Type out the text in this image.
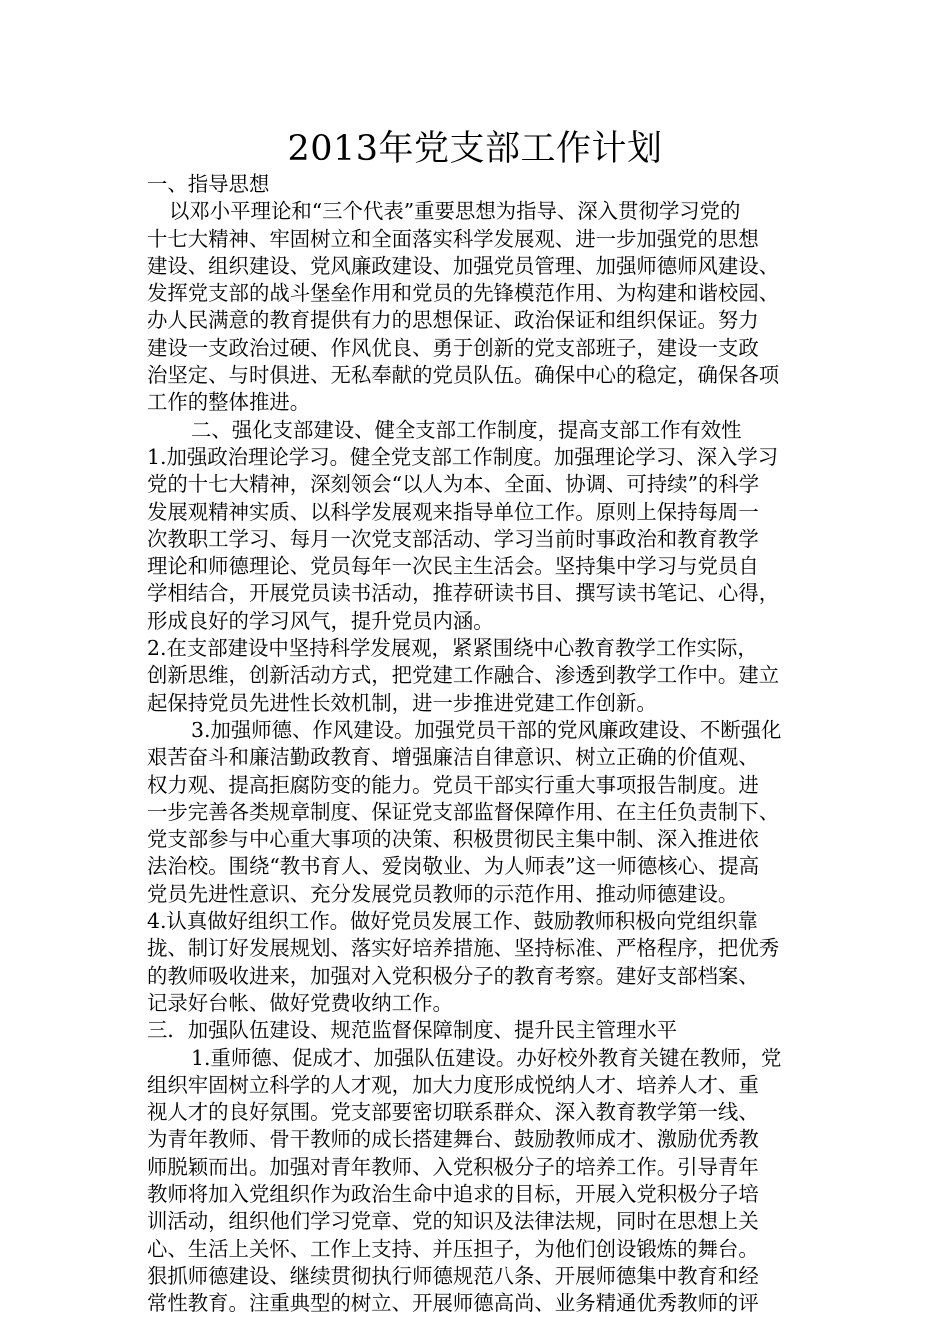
2013年党支部工作计划
一、指导思想
以邓小平理论和“三个代表”重要思想为指导、深入贯彻学习党的
十七大精神、牢固树立和全面落实科学发展观、进一步加强党的思想
建设、组织建设、党风廉政建设、加强党员管理、加强师德师风建设、
发挥党支部的战斗堡垒作用和党员的先锋模范作用、为构建和谐校园、
办人民满意的教育提供有力的思想保证、政治保证和组织保证。努力
建设一支政治过硬、作风优良、勇于创新的党支部班子，建设一支政
治坚定、与时俱进、无私奉献的党员队伍。确保中心的稳定，确保各项
工作的整体推进。
二、强化支部建设、健全支部工作制度，提高支部工作有效性
1.加强政治理论学习。健全党支部工作制度。加强理论学习、深入学习
党的十七大精神，深刻领会“以人为本、全面、协调、可持续”的科学
发展观精神实质、以科学发展观来指导单位工作。原则上保持每周一
次教职工学习、每月一次党支部活动、学习当前时事政治和教育教学
理论和师德理论、党员每年一次民主生活会。坚持集中学习与党员自
学相结合，开展党员读书活动，推荐研读书目、撰写读书笔记、心得，
形成良好的学习风气，提升党员内涵。
2.在支部建设中坚持科学发展观，紧紧围绕中心教育教学工作实际，
创新思维，创新活动方式，把党建工作融合、渗透到教学工作中。建立
起保持党员先进性长效机制，进一步推进党建工作创新。
3.加强师德、作风建设。加强党员干部的党风廉政建设、不断强化
艰苦奋斗和廉洁勤政教育、增强廉洁自律意识、树立正确的价值观、
权力观、提高拒腐防变的能力。党员干部实行重大事项报告制度。进
一步完善各类规章制度、保证党支部监督保障作用、在主任负责制下、
党支部参与中心重大事项的决策、积极贯彻民主集中制、深入推进依
法治校。围绕“教书育人、爱岗敬业、为人师表”这一师德核心、提高
党员先进性意识、充分发展党员教师的示范作用、推动师德建设。
4.认真做好组织工作。做好党员发展工作、鼓励教师积极向党组织靠
拢、制订好发展规划、落实好培养措施、坚持标准、严格程序，把优秀
的教师吸收进来，加强对入党积极分子的教育考察。建好支部档案、
记录好台帐、做好党费收纳工作。
三．加强队伍建设、规范监督保障制度、提升民主管理水平
1.重师德、促成才、加强队伍建设。办好校外教育关键在教师，党
组织牢固树立科学的人才观，加大力度形成悦纳人才、培养人才、重
视人才的良好氛围。党支部要密切联系群众、深入教育教学第一线、
为青年教师、骨干教师的成长搭建舞台、鼓励教师成才、激励优秀教
师脱颖而出。加强对青年教师、入党积极分子的培养工作。引导青年
教师将加入党组织作为政治生命中追求的目标，开展入党积极分子培
训活动，组织他们学习党章、党的知识及法律法规，同时在思想上关
心、生活上关怀、工作上支持、并压担子，为他们创设锻炼的舞台。
狠抓师德建设、继续贯彻执行师德规范八条、开展师德集中教育和经
常性教育。注重典型的树立、开展师德高尚、业务精通优秀教师的评
